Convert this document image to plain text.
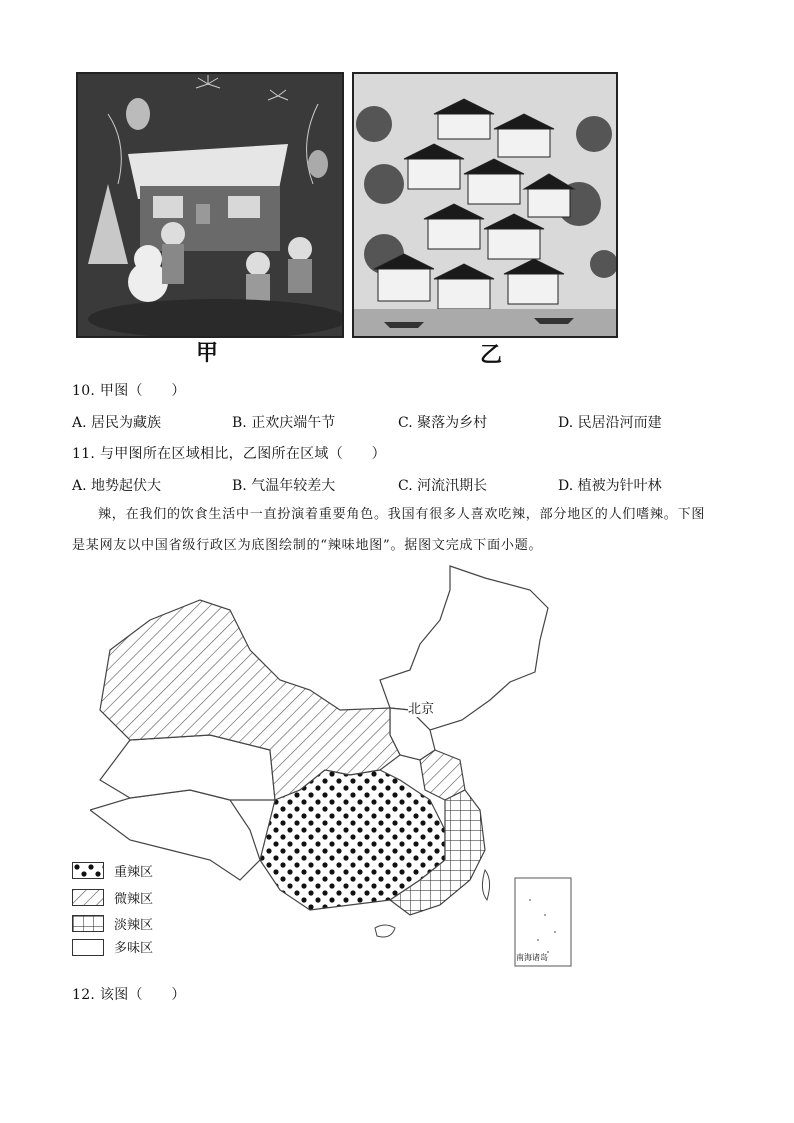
甲	乙
10. 甲图（　　）
A. 居民为藏族	B. 正欢庆端午节	C. 聚落为乡村	D. 民居沿河而建
11. 与甲图所在区域相比，乙图所在区域（　　）
A. 地势起伏大	B. 气温年较差大	C. 河流汛期长	D. 植被为针叶林
辣，在我们的饮食生活中一直扮演着重要角色。我国有很多人喜欢吃辣，部分地区的人们嗜辣。下图
是某网友以中国省级行政区为底图绘制的“辣味地图”。据图文完成下面小题。
北京
南海诸岛
重辣区
微辣区
淡辣区
多味区
12. 该图（　　）
